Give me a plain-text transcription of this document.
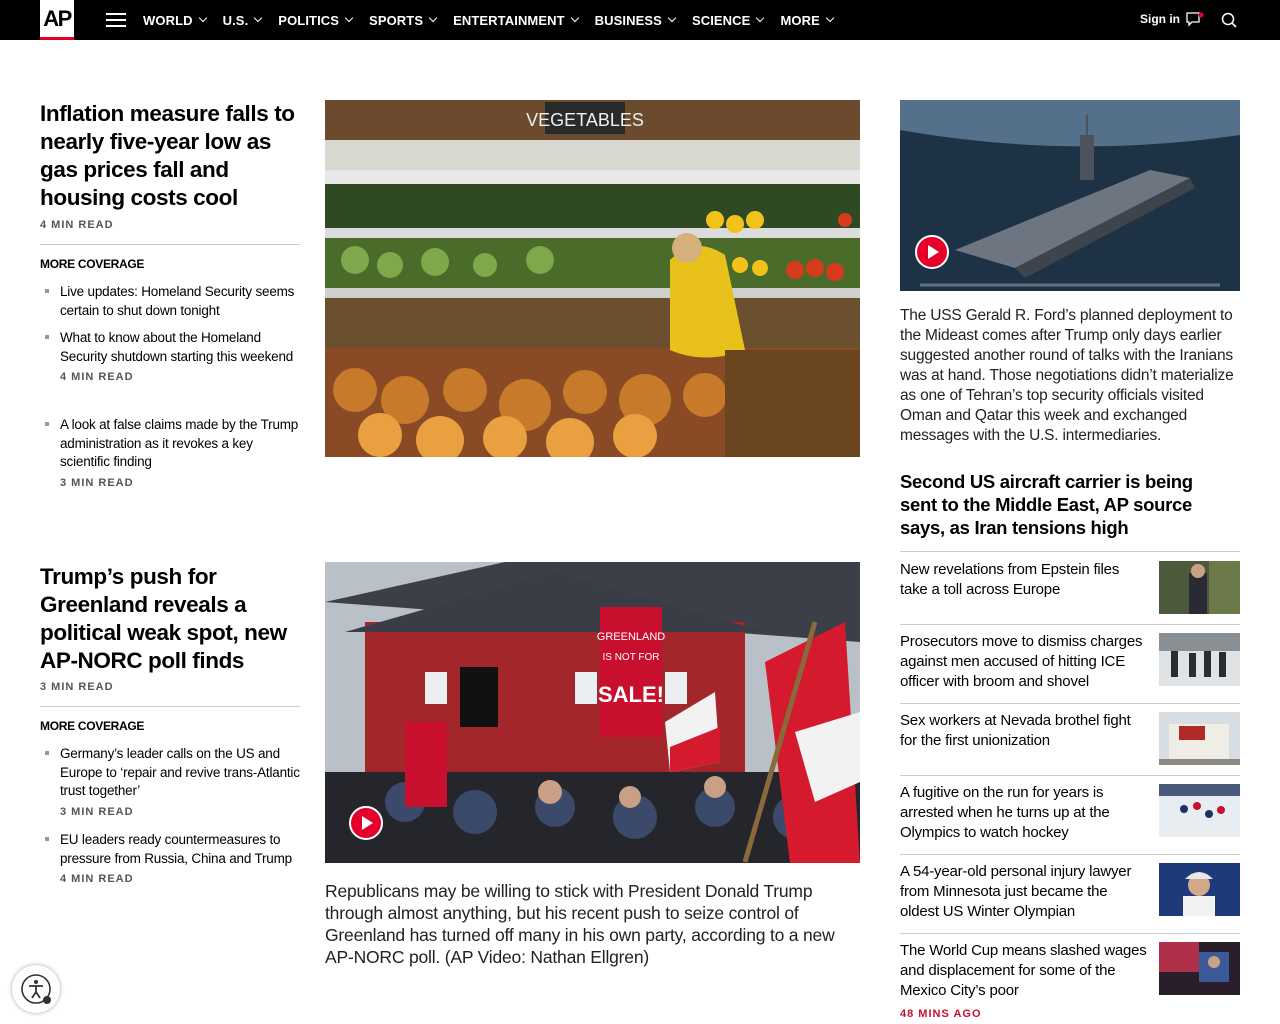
AP	WORLD U.S. POLITICS SPORTS ENTERTAINMENT BUSINESS SCIENCE MORE	Sign in
Inflation measure falls to nearly five-year low as gas prices fall and housing costs cool
4 MIN READ
MORE COVERAGE
Live updates: Homeland Security seems certain to shut down tonight
What to know about the Homeland Security shutdown starting this weekend
4 MIN READ
A look at false claims made by the Trump administration as it revokes a key scientific finding
3 MIN READ
VEGETABLES
Trump’s push for Greenland reveals a political weak spot, new AP-NORC poll finds
3 MIN READ
MORE COVERAGE
Germany’s leader calls on the US and Europe to ‘repair and revive trans-Atlantic trust together’
3 MIN READ
EU leaders ready countermeasures to pressure from Russia, China and Trump
4 MIN READ
GREENLAND
IS NOT FOR
SALE!
Republicans may be willing to stick with President Donald Trump through almost anything, but his recent push to seize control of Greenland has turned off many in his own party, according to a new AP-NORC poll. (AP Video: Nathan Ellgren)
The USS Gerald R. Ford’s planned deployment to the Mideast comes after Trump only days earlier suggested another round of talks with the Iranians was at hand. Those negotiations didn’t materialize as one of Tehran’s top security officials visited Oman and Qatar this week and exchanged messages with the U.S. intermediaries.
Second US aircraft carrier is being sent to the Middle East, AP source says, as Iran tensions high
New revelations from Epstein files take a toll across Europe
Prosecutors move to dismiss charges against men accused of hitting ICE officer with broom and shovel
Sex workers at Nevada brothel fight for the first unionization
A fugitive on the run for years is arrested when he turns up at the Olympics to watch hockey
A 54-year-old personal injury lawyer from Minnesota just became the oldest US Winter Olympian
The World Cup means slashed wages and displacement for some of the Mexico City’s poor
48 MINS AGO
